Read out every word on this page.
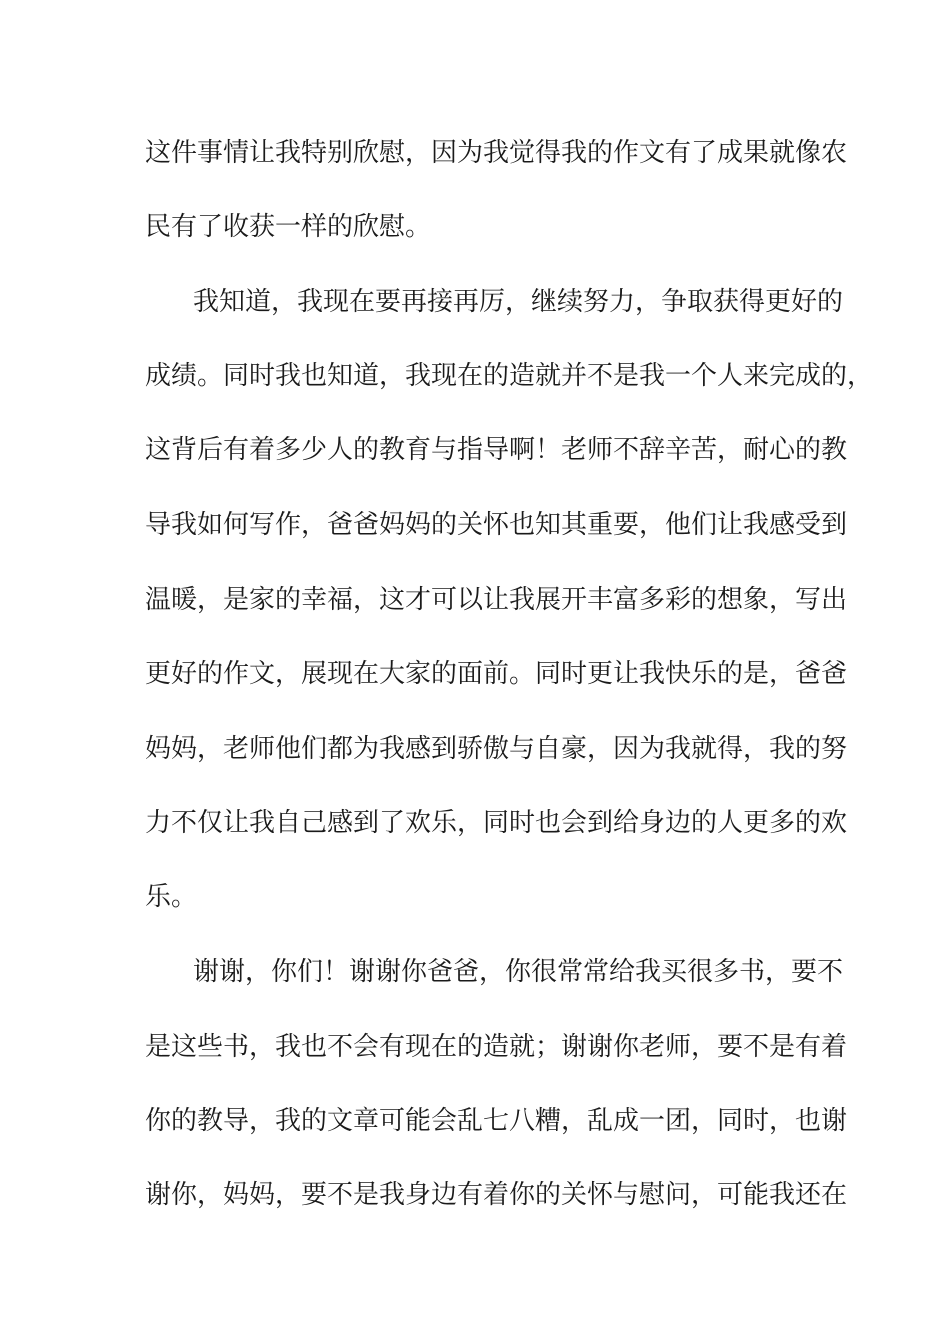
这件事情让我特别欣慰，因为我觉得我的作文有了成果就像农
民有了收获一样的欣慰。
我知道，我现在要再接再厉，继续努力，争取获得更好的
成绩。同时我也知道，我现在的造就并不是我一个人来完成的，
这背后有着多少人的教育与指导啊！老师不辞辛苦，耐心的教
导我如何写作，爸爸妈妈的关怀也知其重要，他们让我感受到
温暖，是家的幸福，这才可以让我展开丰富多彩的想象，写出
更好的作文，展现在大家的面前。同时更让我快乐的是，爸爸
妈妈，老师他们都为我感到骄傲与自豪，因为我就得，我的努
力不仅让我自己感到了欢乐，同时也会到给身边的人更多的欢
乐。
谢谢，你们！谢谢你爸爸，你很常常给我买很多书，要不
是这些书，我也不会有现在的造就；谢谢你老师，要不是有着
你的教导，我的文章可能会乱七八糟，乱成一团，同时，也谢
谢你，妈妈，要不是我身边有着你的关怀与慰问，可能我还在
